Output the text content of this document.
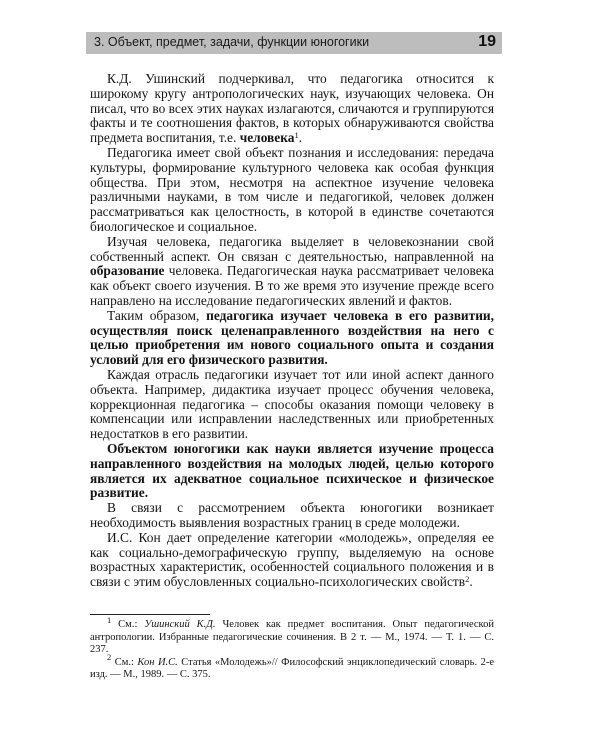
3. Объект, предмет, задачи, функции юногогики	19

К.Д. Ушинский подчеркивал, что педагогика относится к широкому кругу антропологических наук, изучающих человека. Он писал, что во всех этих науках излагаются, сличаются и группируются факты и те соотношения фактов, в которых обнаруживаются свойства предмета воспитания, т.е. человека$^1$.

Педагогика имеет свой объект познания и исследования: передача культуры, формирование культурного человека как особая функция общества. При этом, несмотря на аспектное изучение человека различными науками, в том числе и педагогикой, человек должен рассматриваться как целостность, в которой в единстве сочетаются биологическое и социальное.

Изучая человека, педагогика выделяет в человекознании свой собственный аспект. Он связан с деятельностью, направленной на образование человека. Педагогическая наука рассматривает человека как объект своего изучения. В то же время это изучение прежде всего направлено на исследование педагогических явлений и фактов.

Таким образом, педагогика изучает человека в его развитии, осуществляя поиск целенаправленного воздействия на него с целью приобретения им нового социального опыта и создания условий для его физического развития.

Каждая отрасль педагогики изучает тот или иной аспект данного объекта. Например, дидактика изучает процесс обучения человека, коррекционная педагогика – способы оказания помощи человеку в компенсации или исправлении наследственных или приобретенных недостатков в его развитии.

Объектом юногогики как науки является изучение процесса направленного воздействия на молодых людей, целью которого является их адекватное социальное психическое и физическое развитие.

В связи с рассмотрением объекта юногогики возникает необходимость выявления возрастных границ в среде молодежи.

И.С. Кон дает определение категории «молодежь», определяя ее как социально-демографическую группу, выделяемую на основе возрастных характеристик, особенностей социального положения и в связи с этим обусловленных социально-психологических свойств$^2$.

$^1$ См.: Ушинский К.Д. Человек как предмет воспитания. Опыт педагогической антропологии. Избранные педагогические сочинения. В 2 т. — М., 1974. — Т. 1. — С. 237.

$^2$ См.: Кон И.С. Статья «Молодежь»// Философский энциклопедический словарь. 2-е изд. — М., 1989. — С. 375.
